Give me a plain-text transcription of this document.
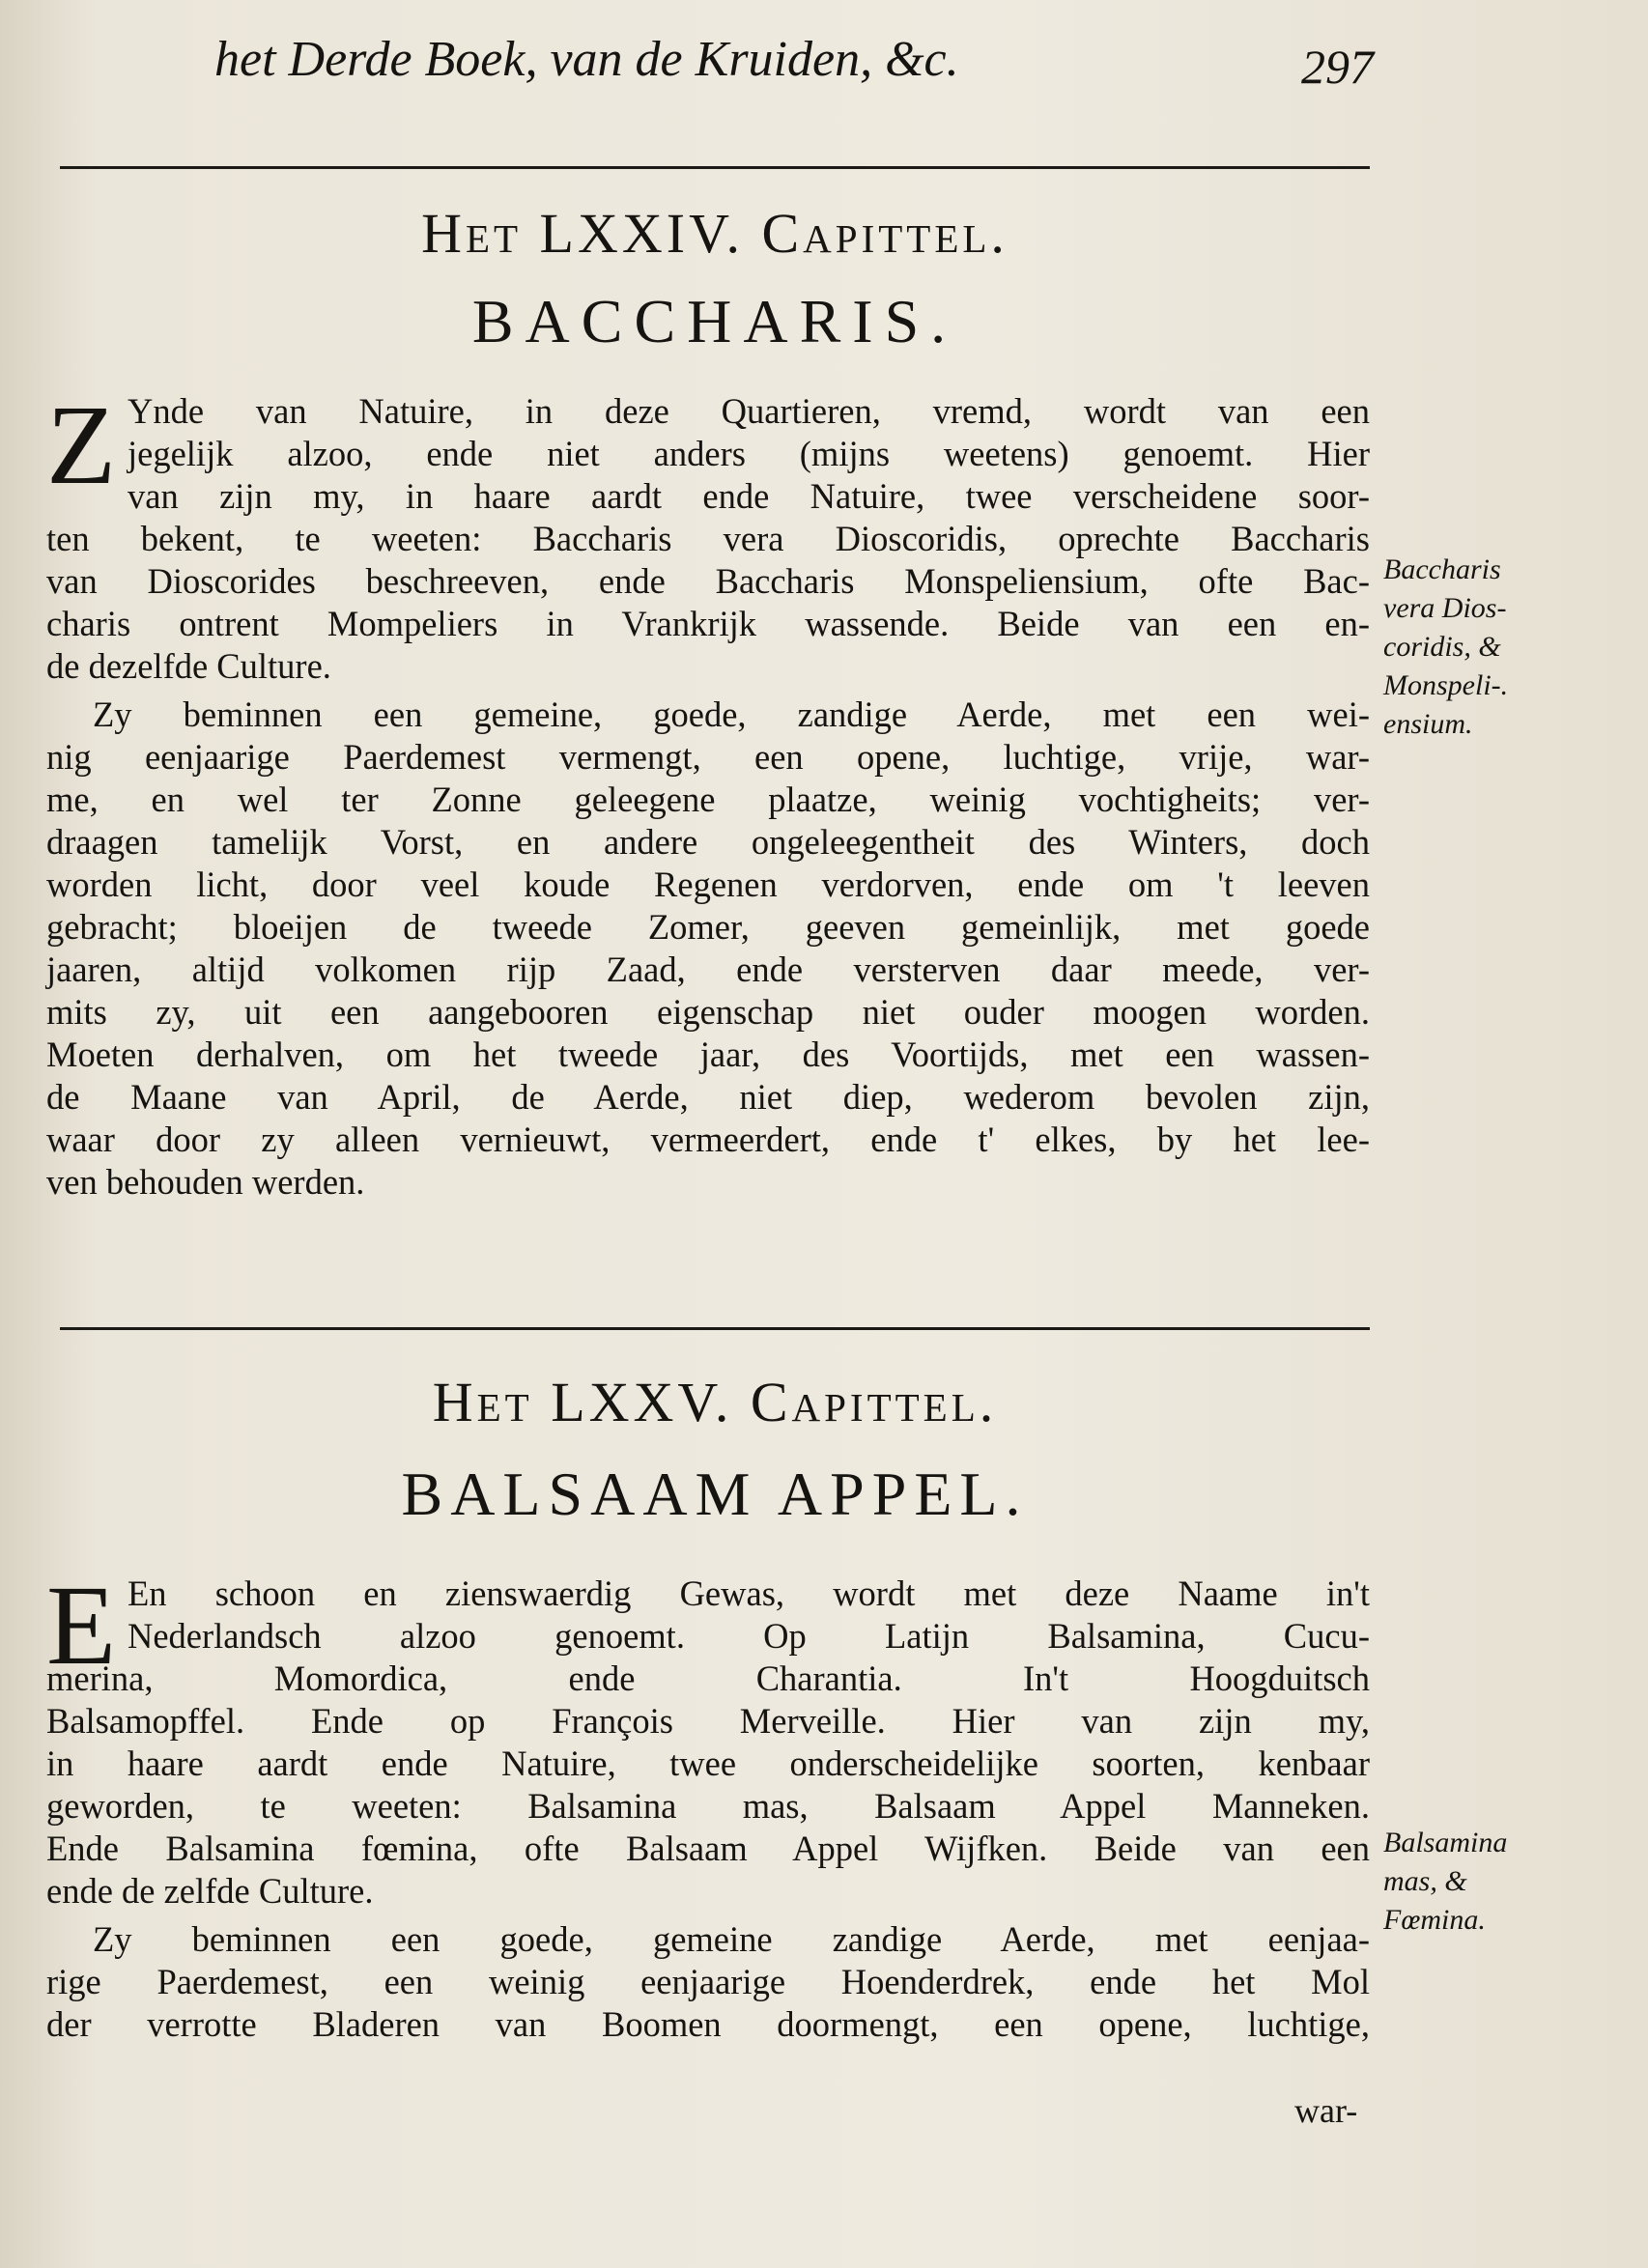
het Derde Boek, van de Kruiden, &c.	297
Het LXXIV. Capittel.
BACCHARIS.
Z Ynde van Natuire, in deze Quartieren, vremd, wordt van een
jegelijk alzoo, ende niet anders (mijns weetens) genoemt. Hier
van zijn my, in haare aardt ende Natuire, twee verscheidene soor-
ten bekent, te weeten: Baccharis vera Dioscoridis, oprechte Baccharis
van Dioscorides beschreeven, ende Baccharis Monspeliensium, ofte Bac-
charis ontrent Mompeliers in Vrankrijk wassende. Beide van een en-
de dezelfde Culture.
Zy beminnen een gemeine, goede, zandige Aerde, met een wei-
nig eenjaarige Paerdemest vermengt, een opene, luchtige, vrije, war-
me, en wel ter Zonne geleegene plaatze, weinig vochtigheits; ver-
draagen tamelijk Vorst, en andere ongeleegentheit des Winters, doch
worden licht, door veel koude Regenen verdorven, ende om 't leeven
gebracht; bloeijen de tweede Zomer, geeven gemeinlijk, met goede
jaaren, altijd volkomen rijp Zaad, ende versterven daar meede, ver-
mits zy, uit een aangebooren eigenschap niet ouder moogen worden.
Moeten derhalven, om het tweede jaar, des Voortijds, met een wassen-
de Maane van April, de Aerde, niet diep, wederom bevolen zijn,
waar door zy alleen vernieuwt, vermeerdert, ende t' elkes, by het lee-
ven behouden werden.
Baccharis
vera Dios-
coridis, &
Monspeli-.
ensium.
Het LXXV. Capittel.
BALSAAM APPEL.
E En schoon en zienswaerdig Gewas, wordt met deze Naame in't
Nederlandsch alzoo genoemt. Op Latijn Balsamina, Cucu-
merina, Momordica, ende Charantia. In't Hoogduitsch
Balsamopffel. Ende op François Merveille. Hier van zijn my,
in haare aardt ende Natuire, twee onderscheidelijke soorten, kenbaar
geworden, te weeten: Balsamina mas, Balsaam Appel Manneken.
Ende Balsamina fœmina, ofte Balsaam Appel Wijfken. Beide van een
ende de zelfde Culture.
Zy beminnen een goede, gemeine zandige Aerde, met eenjaa-
rige Paerdemest, een weinig eenjaarige Hoenderdrek, ende het Mol
der verrotte Bladeren van Boomen doormengt, een opene, luchtige,
Balsamina
mas, &
Fœmina.
war-
